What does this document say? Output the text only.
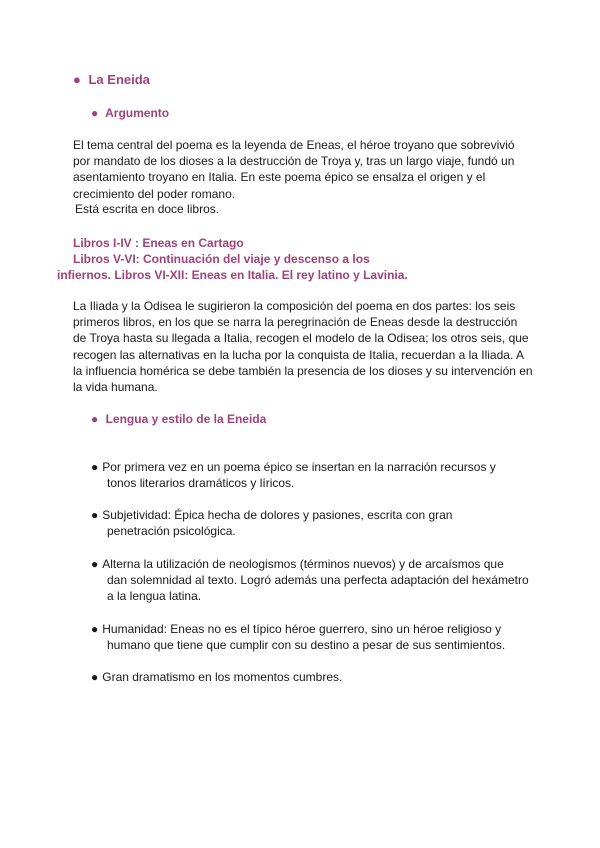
● La Eneida
● Argumento

El tema central del poema es la leyenda de Eneas, el héroe troyano que sobrevivió por mandato de los dioses a la destrucción de Troya y, tras un largo viaje, fundó un asentamiento troyano en Italia. En este poema épico se ensalza el origen y el crecimiento del poder romano.

Está escrita en doce libros.
Libros I-IV : Eneas en Cartago
Libros V-VI: Continuación del viaje y descenso a los
infiernos. Libros VI-XII: Eneas en Italia. El rey latino y Lavinia.

La Iliada y la Odisea le sugirieron la composición del poema en dos partes: los seis primeros libros, en los que se narra la peregrinación de Eneas desde la destrucción de Troya hasta su llegada a Italia, recogen el modelo de la Odisea; los otros seis, que recogen las alternativas en la lucha por la conquista de Italia, recuerdan a la Iliada. A la influencia homérica se debe también la presencia de los dioses y su intervención en la vida humana.

● Lengua y estilo de la Eneida
● Por primera vez en un poema épico se insertan en la narración recursos y
tonos literarios dramáticos y líricos.
● Subjetividad: Épica hecha de dolores y pasiones, escrita con gran
penetración psicológica.
● Alterna la utilización de neologismos (términos nuevos) y de arcaísmos que
dan solemnidad al texto. Logró además una perfecta adaptación del hexámetro a la lengua latina.
● Humanidad: Eneas no es el típico héroe guerrero, sino un héroe religioso y
humano que tiene que cumplir con su destino a pesar de sus sentimientos.
● Gran dramatismo en los momentos cumbres.
